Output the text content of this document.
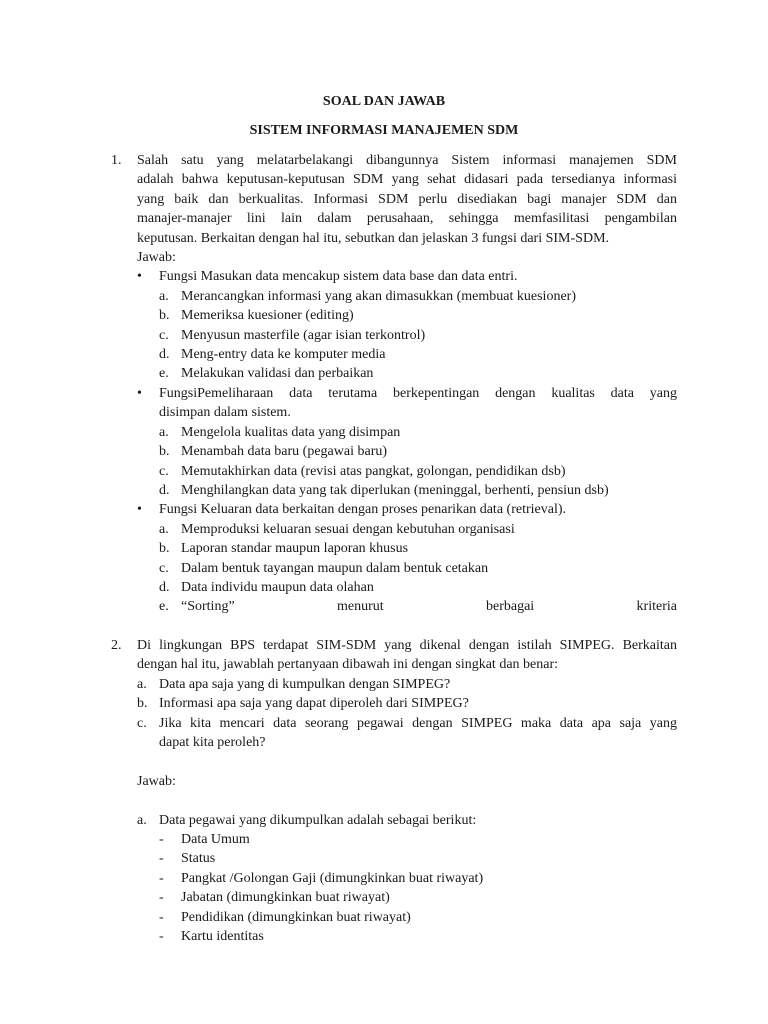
SOAL DAN JAWAB
SISTEM INFORMASI MANAJEMEN SDM
1. Salah satu yang melatarbelakangi dibangunnya Sistem informasi manajemen SDM
adalah bahwa keputusan-keputusan SDM yang sehat didasari pada tersedianya informasi
yang baik dan berkualitas. Informasi SDM perlu disediakan bagi manajer SDM dan
manajer-manajer lini lain dalam perusahaan, sehingga memfasilitasi pengambilan
keputusan. Berkaitan dengan hal itu, sebutkan dan jelaskan 3 fungsi dari SIM-SDM.
Jawab:
•	Fungsi Masukan data mencakup sistem data base dan data entri.
a. Merancangkan informasi yang akan dimasukkan (membuat kuesioner)
b. Memeriksa kuesioner (editing)
c. Menyusun masterfile (agar isian terkontrol)
d. Meng-entry data ke komputer media
e. Melakukan validasi dan perbaikan
•	FungsiPemeliharaan data terutama berkepentingan dengan kualitas data yang
disimpan dalam sistem.
a. Mengelola kualitas data yang disimpan
b. Menambah data baru (pegawai baru)
c. Memutakhirkan data (revisi atas pangkat, golongan, pendidikan dsb)
d. Menghilangkan data yang tak diperlukan (meninggal, berhenti, pensiun dsb)
•	Fungsi Keluaran data berkaitan dengan proses penarikan data (retrieval).
a. Memproduksi keluaran sesuai dengan kebutuhan organisasi
b. Laporan standar maupun laporan khusus
c. Dalam bentuk tayangan maupun dalam bentuk cetakan
d. Data individu maupun data olahan
e. “Sorting”	menurut	berbagai	kriteria
2. Di lingkungan BPS terdapat SIM-SDM yang dikenal dengan istilah SIMPEG. Berkaitan
dengan hal itu, jawablah pertanyaan dibawah ini dengan singkat dan benar:
a. Data apa saja yang di kumpulkan dengan SIMPEG?
b. Informasi apa saja yang dapat diperoleh dari SIMPEG?
c. Jika kita mencari data seorang pegawai dengan SIMPEG maka data apa saja yang
dapat kita peroleh?
Jawab:
a. Data pegawai yang dikumpulkan adalah sebagai berikut:
-	Data Umum
-	Status
-	Pangkat /Golongan Gaji (dimungkinkan buat riwayat)
-	Jabatan (dimungkinkan buat riwayat)
-	Pendidikan (dimungkinkan buat riwayat)
-	Kartu identitas
